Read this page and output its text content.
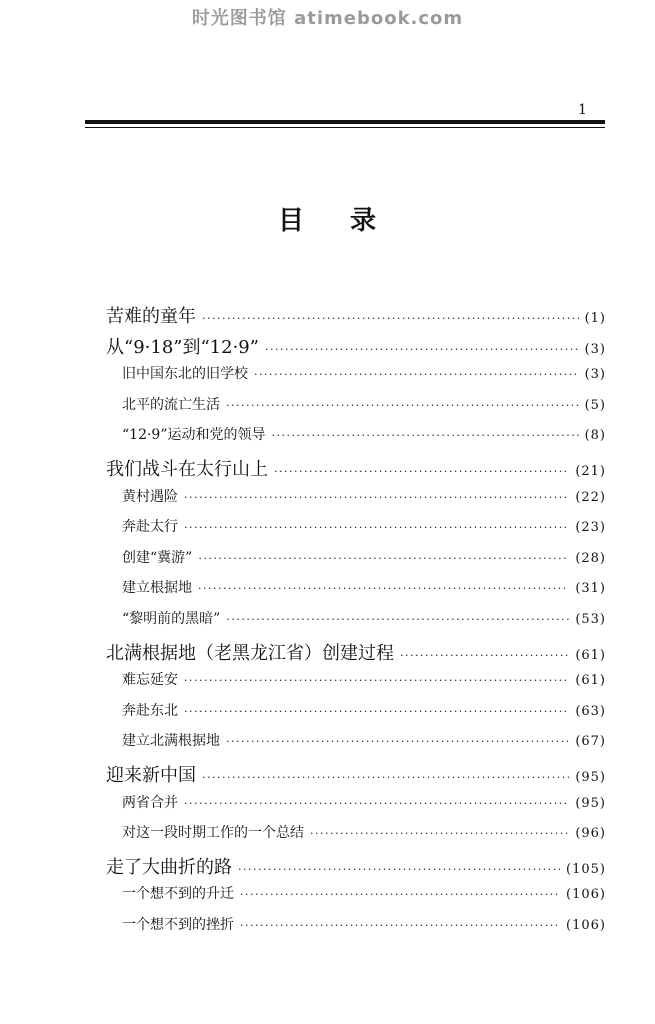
时光图书馆 atimebook.com
1
目录
苦难的童年 ·····	(1)
从“9·18”到“12·9” ·····	(3)
旧中国东北的旧学校 ·····	(3)
北平的流亡生活 ·····	(5)
“12·9”运动和党的领导 ·····	(8)
我们战斗在太行山上 ·····	(21)
黄村遇险 ·····	(22)
奔赴太行 ·····	(23)
创建“冀游” ·····	(28)
建立根据地 ·····	(31)
“黎明前的黑暗” ·····	(53)
北满根据地（老黑龙江省）创建过程 ·····	(61)
难忘延安 ·····	(61)
奔赴东北 ·····	(63)
建立北满根据地 ·····	(67)
迎来新中国 ·····	(95)
两省合并 ·····	(95)
对这一段时期工作的一个总结 ·····	(96)
走了大曲折的路 ·····	(105)
一个想不到的升迁 ·····	(106)
一个想不到的挫折 ·····	(106)
